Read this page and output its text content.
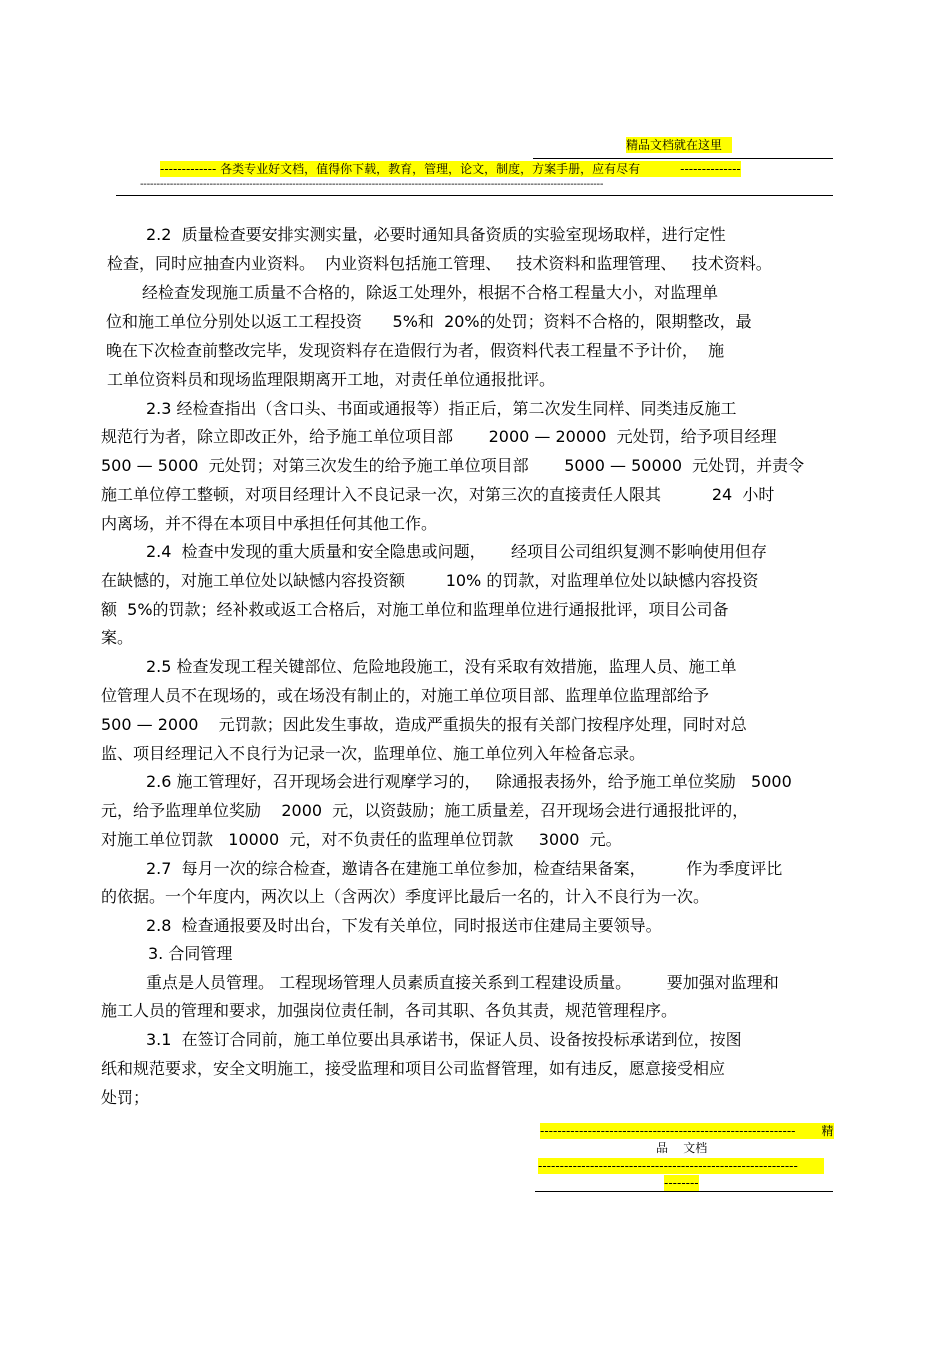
精品文档就在这里
------------- 各类专业好文档，值得你下载，教育，管理，论文，制度，方案手册，应有尽有	--------------
--------------------------------------------------------------------------------------------------------------------------------------------
2.2  质量检查要安排实测实量，必要时通知具备资质的实验室现场取样，进行定性
检查，同时应抽查内业资料。  内业资料包括施工管理、   技术资料和监理管理、   技术资料。
经检查发现施工质量不合格的，除返工处理外，根据不合格工程量大小，对监理单
位和施工单位分别处以返工工程投资      5%和  20%的处罚；资料不合格的，限期整改，最
晚在下次检查前整改完毕，发现资料存在造假行为者，假资料代表工程量不予计价，  施
工单位资料员和现场监理限期离开工地，对责任单位通报批评。
2.3 经检查指出（含口头、书面或通报等）指正后，第二次发生同样、同类违反施工
规范行为者，除立即改正外，给予施工单位项目部       2000 — 20000  元处罚，给予项目经理
500 — 5000  元处罚；对第三次发生的给予施工单位项目部       5000 — 50000  元处罚，并责令
施工单位停工整顿，对项目经理计入不良记录一次，对第三次的直接责任人限其          24  小时
内离场，并不得在本项目中承担任何其他工作。
2.4  检查中发现的重大质量和安全隐患或问题，     经项目公司组织复测不影响使用但存
在缺憾的，对施工单位处以缺憾内容投资额        10% 的罚款，对监理单位处以缺憾内容投资
额  5%的罚款；经补救或返工合格后，对施工单位和监理单位进行通报批评，项目公司备
案。
2.5 检查发现工程关键部位、危险地段施工，没有采取有效措施，监理人员、施工单
位管理人员不在现场的，或在场没有制止的，对施工单位项目部、监理单位监理部给予
500 — 2000    元罚款；因此发生事故，造成严重损失的报有关部门按程序处理，同时对总
监、项目经理记入不良行为记录一次，监理单位、施工单位列入年检备忘录。
2.6 施工管理好，召开现场会进行观摩学习的，   除通报表扬外，给予施工单位奖励   5000
元，给予监理单位奖励    2000  元，以资鼓励；施工质量差，召开现场会进行通报批评的，
对施工单位罚款   10000  元，对不负责任的监理单位罚款     3000  元。
2.7  每月一次的综合检查，邀请各在建施工单位参加，检查结果备案，        作为季度评比
的依据。一个年度内，两次以上（含两次）季度评比最后一名的，计入不良行为一次。
2.8  检查通报要及时出台，下发有关单位，同时报送市住建局主要领导。
3. 合同管理
重点是人员管理。 工程现场管理人员素质直接关系到工程建设质量。       要加强对监理和
施工人员的管理和要求，加强岗位责任制，各司其职、各负其责，规范管理程序。
3.1  在签订合同前，施工单位要出具承诺书，保证人员、设备按投标承诺到位，按图
纸和规范要求，安全文明施工，接受监理和项目公司监督管理，如有违反，愿意接受相应
处罚；
----------------------------------------------------------- 精
品    文档
------------------------------------------------------------
--------
